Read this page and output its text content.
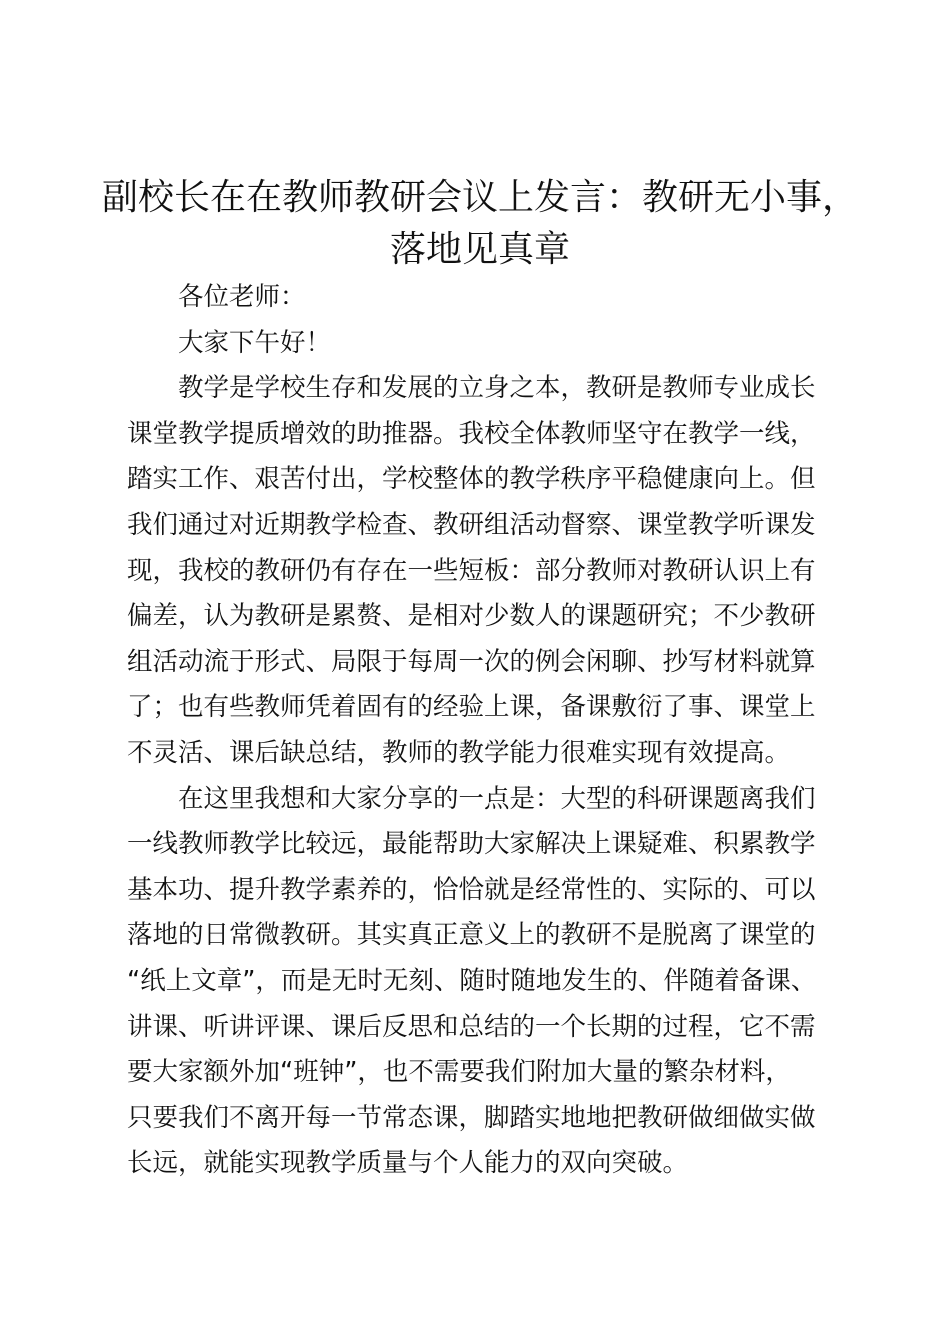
副校长在在教师教研会议上发言：教研无小事，
落地见真章

各位老师：

大家下午好！

教学是学校生存和发展的立身之本，教研是教师专业成长
课堂教学提质增效的助推器。我校全体教师坚守在教学一线，
踏实工作、艰苦付出，学校整体的教学秩序平稳健康向上。但
我们通过对近期教学检查、教研组活动督察、课堂教学听课发
现，我校的教研仍有存在一些短板：部分教师对教研认识上有
偏差，认为教研是累赘、是相对少数人的课题研究；不少教研
组活动流于形式、局限于每周一次的例会闲聊、抄写材料就算
了；也有些教师凭着固有的经验上课，备课敷衍了事、课堂上
不灵活、课后缺总结，教师的教学能力很难实现有效提高。

在这里我想和大家分享的一点是：大型的科研课题离我们
一线教师教学比较远，最能帮助大家解决上课疑难、积累教学
基本功、提升教学素养的，恰恰就是经常性的、实际的、可以
落地的日常微教研。其实真正意义上的教研不是脱离了课堂的
“纸上文章”，而是无时无刻、随时随地发生的、伴随着备课、
讲课、听讲评课、课后反思和总结的一个长期的过程，它不需
要大家额外加“班钟”，也不需要我们附加大量的繁杂材料，
只要我们不离开每一节常态课，脚踏实地地把教研做细做实做
长远，就能实现教学质量与个人能力的双向突破。
